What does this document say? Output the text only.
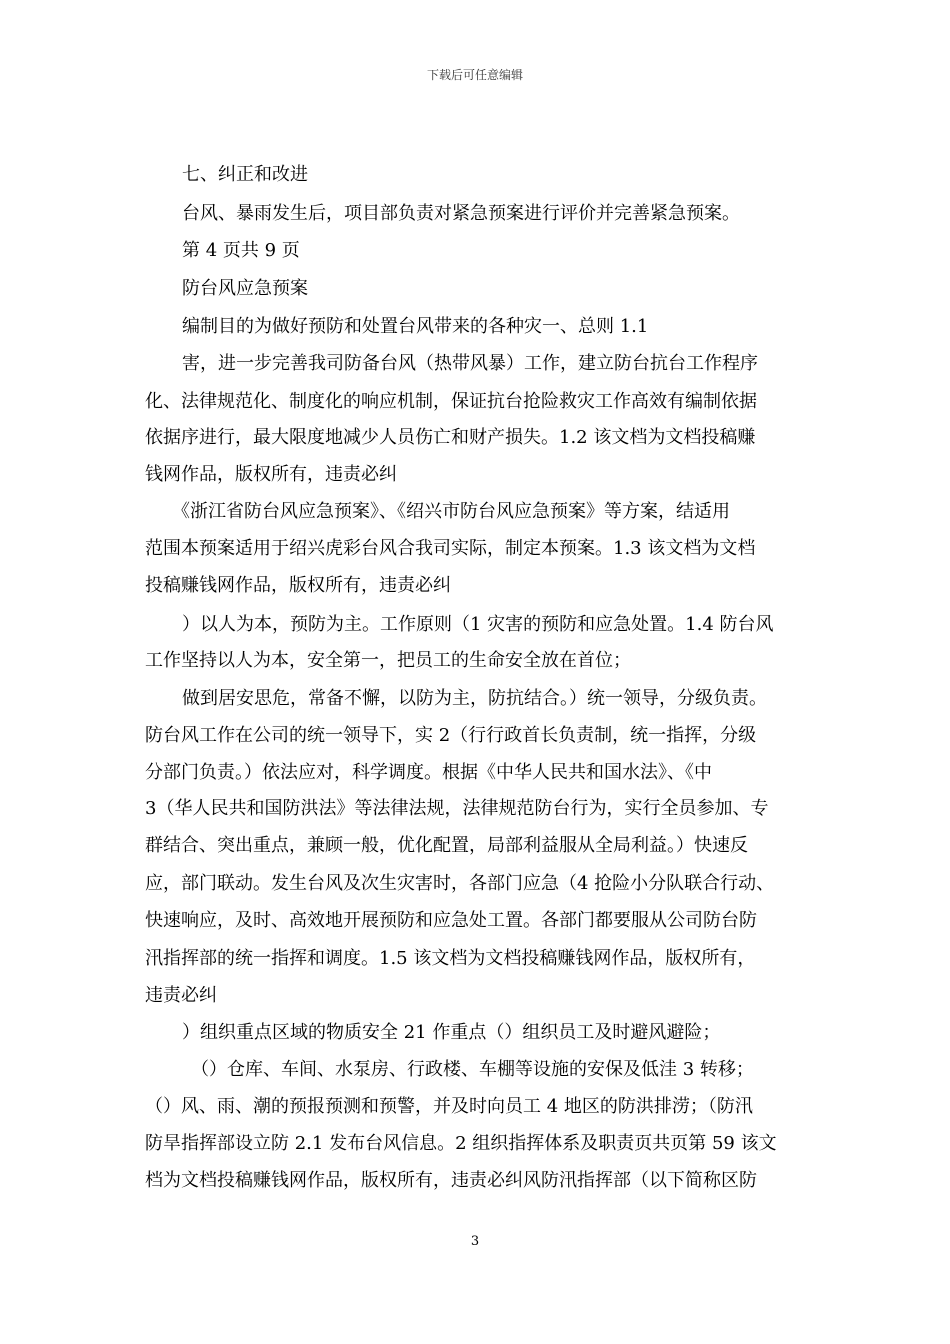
下载后可任意编辑
七、纠正和改进
台风、暴雨发生后，项目部负责对紧急预案进行评价并完善紧急预案。
第 4 页共 9 页
防台风应急预案
编制目的为做好预防和处置台风带来的各种灾一、总则 1.1
害，进一步完善我司防备台风（热带风暴）工作，建立防台抗台工作程序
化、法律规范化、制度化的响应机制，保证抗台抢险救灾工作高效有编制依据
依据序进行，最大限度地减少人员伤亡和财产损失。1.2 该文档为文档投稿赚
钱网作品，版权所有，违责必纠
《浙江省防台风应急预案》、《绍兴市防台风应急预案》等方案，结适用
范围本预案适用于绍兴虎彩台风合我司实际，制定本预案。1.3 该文档为文档
投稿赚钱网作品，版权所有，违责必纠
）以人为本，预防为主。工作原则（1 灾害的预防和应急处置。1.4 防台风
工作坚持以人为本，安全第一，把员工的生命安全放在首位；
做到居安思危，常备不懈，以防为主，防抗结合。）统一领导，分级负责。
防台风工作在公司的统一领导下，实 2（行行政首长负责制，统一指挥，分级
分部门负责。）依法应对，科学调度。根据《中华人民共和国水法》、《中
3（华人民共和国防洪法》等法律法规，法律规范防台行为，实行全员参加、专
群结合、突出重点，兼顾一般，优化配置，局部利益服从全局利益。）快速反
应，部门联动。发生台风及次生灾害时，各部门应急（4 抢险小分队联合行动、
快速响应，及时、高效地开展预防和应急处工置。各部门都要服从公司防台防
汛指挥部的统一指挥和调度。1.5 该文档为文档投稿赚钱网作品，版权所有，
违责必纠
）组织重点区域的物质安全 21 作重点（）组织员工及时避风避险；
（）仓库、车间、水泵房、行政楼、车棚等设施的安保及低洼 3 转移；
（）风、雨、潮的预报预测和预警，并及时向员工 4 地区的防洪排涝；（防汛
防旱指挥部设立防 2.1 发布台风信息。2 组织指挥体系及职责页共页第 59 该文
档为文档投稿赚钱网作品，版权所有，违责必纠风防汛指挥部（以下简称区防
3
